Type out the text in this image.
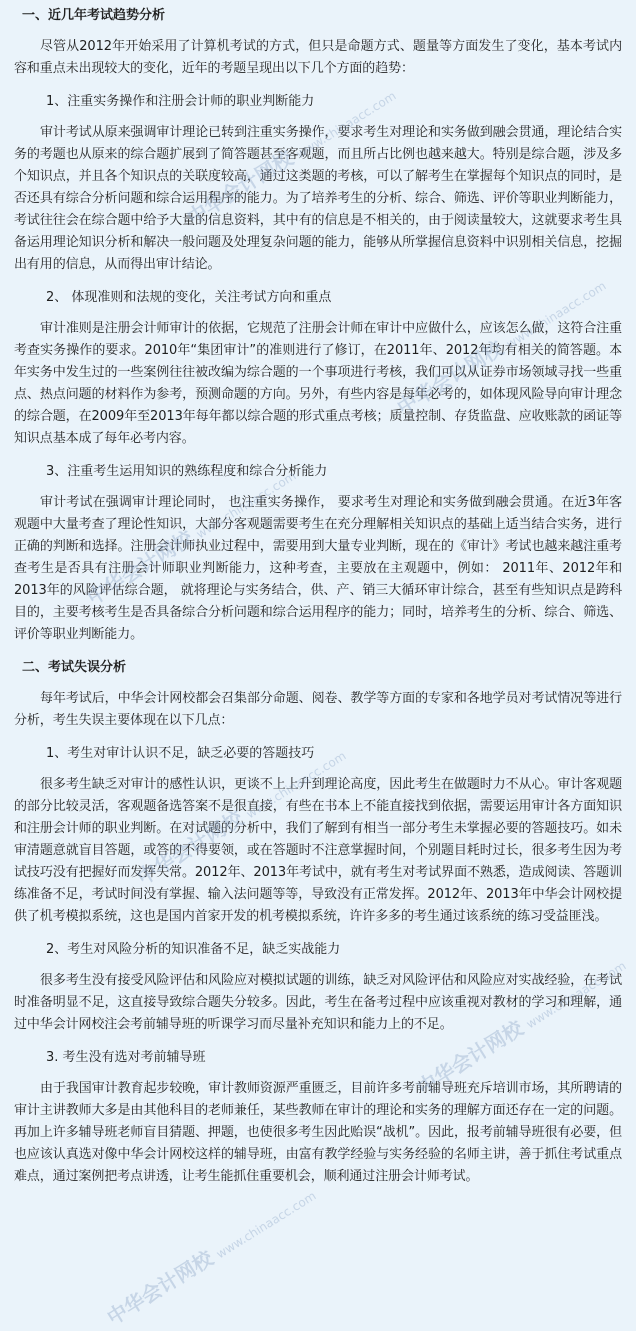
一、近几年考试趋势分析
尽管从2012年开始采用了计算机考试的方式，但只是命题方式、题量等方面发生了变化，基本考试内容和重点未出现较大的变化，近年的考题呈现出以下几个方面的趋势：
1、注重实务操作和注册会计师的职业判断能力
审计考试从原来强调审计理论已转到注重实务操作，要求考生对理论和实务做到融会贯通，理论结合实务的考题也从原来的综合题扩展到了简答题甚至客观题，而且所占比例也越来越大。特别是综合题，涉及多个知识点，并且各个知识点的关联度较高，通过这类题的考核，可以了解考生在掌握每个知识点的同时，是否还具有综合分析问题和综合运用程序的能力。为了培养考生的分析、综合、筛选、评价等职业判断能力，考试往往会在综合题中给予大量的信息资料，其中有的信息是不相关的，由于阅读量较大，这就要求考生具备运用理论知识分析和解决一般问题及处理复杂问题的能力，能够从所掌握信息资料中识别相关信息，挖掘出有用的信息，从而得出审计结论。
2、 体现准则和法规的变化，关注考试方向和重点
审计准则是注册会计师审计的依据，它规范了注册会计师在审计中应做什么，应该怎么做，这符合注重考查实务操作的要求。2010年“集团审计”的准则进行了修订，在2011年、2012年均有相关的简答题。本年实务中发生过的一些案例往往被改编为综合题的一个事项进行考核，我们可以从证券市场领域寻找一些重点、热点问题的材料作为参考，预测命题的方向。另外，有些内容是每年必考的，如体现风险导向审计理念的综合题，在2009年至2013年每年都以综合题的形式重点考核；质量控制、存货监盘、应收账款的函证等知识点基本成了每年必考内容。
3、注重考生运用知识的熟练程度和综合分析能力
审计考试在强调审计理论同时， 也注重实务操作， 要求考生对理论和实务做到融会贯通。在近3年客观题中大量考查了理论性知识，大部分客观题需要考生在充分理解相关知识点的基础上适当结合实务，进行正确的判断和选择。注册会计师执业过程中，需要用到大量专业判断，现在的《审计》考试也越来越注重考查考生是否具有注册会计师职业判断能力，这种考查，主要放在主观题中，例如： 2011年、2012年和2013年的风险评估综合题， 就将理论与实务结合，供、产、销三大循环审计综合，甚至有些知识点是跨科目的，主要考核考生是否具备综合分析问题和综合运用程序的能力；同时，培养考生的分析、综合、筛选、评价等职业判断能力。
二、考试失误分析
每年考试后，中华会计网校都会召集部分命题、阅卷、教学等方面的专家和各地学员对考试情况等进行分析，考生失误主要体现在以下几点：
1、考生对审计认识不足，缺乏必要的答题技巧
很多考生缺乏对审计的感性认识，更谈不上上升到理论高度，因此考生在做题时力不从心。审计客观题的部分比较灵活，客观题备选答案不是很直接，有些在书本上不能直接找到依据，需要运用审计各方面知识和注册会计师的职业判断。在对试题的分析中，我们了解到有相当一部分考生未掌握必要的答题技巧。如未审清题意就盲目答题，或答的不得要领，或在答题时不注意掌握时间，个别题目耗时过长，很多考生因为考试技巧没有把握好而发挥失常。2012年、2013年考试中，就有考生对考试界面不熟悉，造成阅读、答题训练准备不足，考试时间没有掌握、输入法问题等等，导致没有正常发挥。2012年、2013年中华会计网校提供了机考模拟系统，这也是国内首家开发的机考模拟系统，许许多多的考生通过该系统的练习受益匪浅。
2、考生对风险分析的知识准备不足，缺乏实战能力
很多考生没有接受风险评估和风险应对模拟试题的训练，缺乏对风险评估和风险应对实战经验，在考试时准备明显不足，这直接导致综合题失分较多。因此，考生在备考过程中应该重视对教材的学习和理解，通过中华会计网校注会考前辅导班的听课学习而尽量补充知识和能力上的不足。
3. 考生没有选对考前辅导班
由于我国审计教育起步较晚，审计教师资源严重匮乏，目前许多考前辅导班充斥培训市场，其所聘请的审计主讲教师大多是由其他科目的老师兼任，某些教师在审计的理论和实务的理解方面还存在一定的问题。再加上许多辅导班老师盲目猜题、押题，也使很多考生因此贻误“战机”。因此，报考前辅导班很有必要，但也应该认真选对像中华会计网校这样的辅导班，由富有教学经验与实务经验的名师主讲，善于抓住考试重点难点，通过案例把考点讲透，让考生能抓住重要机会，顺利通过注册会计师考试。
中华会计网校www.chinaacc.com
中华会计网校www.chinaacc.com
中华会计网校www.chinaacc.com
中华会计网校www.chinaacc.com
中华会计网校www.chinaacc.com
中华会计网校www.chinaacc.com
